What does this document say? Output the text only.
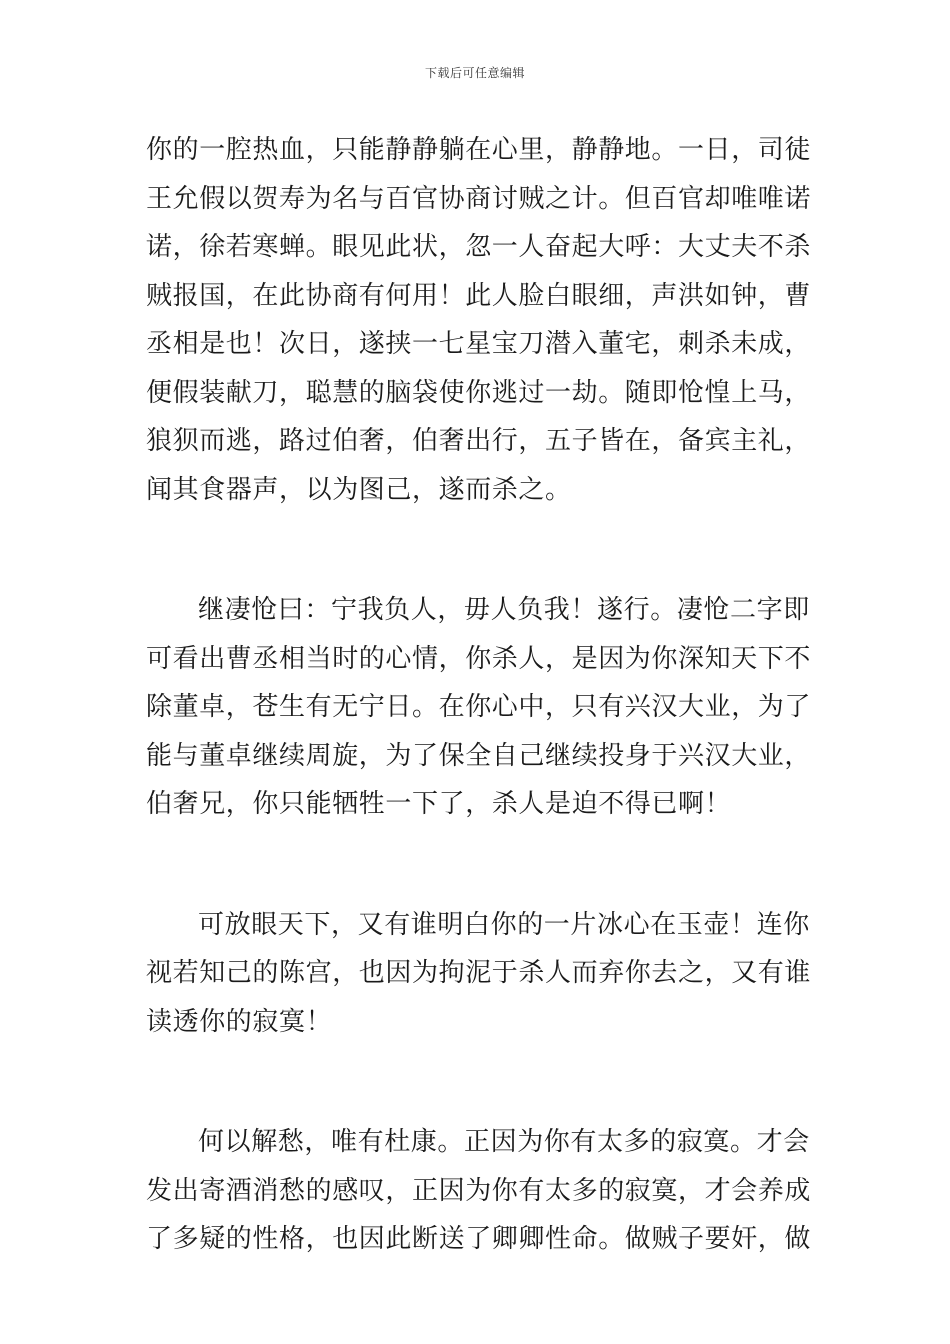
下载后可任意编辑
你的一腔热血，只能静静躺在心里，静静地。一日，司徒
王允假以贺寿为名与百官协商讨贼之计。但百官却唯唯诺
诺，徐若寒蝉。眼见此状，忽一人奋起大呼：大丈夫不杀
贼报国，在此协商有何用！此人脸白眼细，声洪如钟，曹
丞相是也！次日，遂挟一七星宝刀潜入董宅，刺杀未成，
便假装献刀，聪慧的脑袋使你逃过一劫。随即怆惶上马，
狼狈而逃，路过伯奢，伯奢出行，五子皆在，备宾主礼，
闻其食器声，以为图己，遂而杀之。
继凄怆曰：宁我负人，毋人负我！遂行。凄怆二字即
可看出曹丞相当时的心情，你杀人，是因为你深知天下不
除董卓，苍生有无宁日。在你心中，只有兴汉大业，为了
能与董卓继续周旋，为了保全自己继续投身于兴汉大业，
伯奢兄，你只能牺牲一下了，杀人是迫不得已啊！
可放眼天下，又有谁明白你的一片冰心在玉壶！连你
视若知己的陈宫，也因为拘泥于杀人而弃你去之，又有谁
读透你的寂寞！
何以解愁，唯有杜康。正因为你有太多的寂寞。才会
发出寄酒消愁的感叹，正因为你有太多的寂寞，才会养成
了多疑的性格，也因此断送了卿卿性命。做贼子要奸，做
